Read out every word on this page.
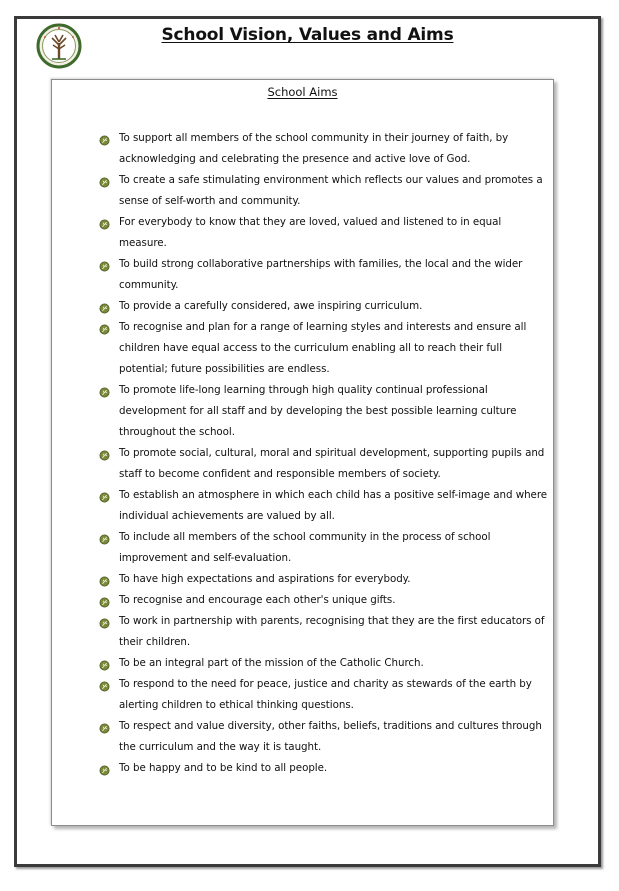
School Vision, Values and Aims
School Aims
To support all members of the school community in their journey of faith, by acknowledging and celebrating the presence and active love of God.
To create a safe stimulating environment which reflects our values and promotes a sense of self-worth and community.
For everybody to know that they are loved, valued and listened to in equal measure.
To build strong collaborative partnerships with families, the local and the wider community.
To provide a carefully considered, awe inspiring curriculum.
To recognise and plan for a range of learning styles and interests and ensure all children have equal access to the curriculum enabling all to reach their full potential; future possibilities are endless.
To promote life-long learning through high quality continual professional development for all staff and by developing the best possible learning culture throughout the school.
To promote social, cultural, moral and spiritual development, supporting pupils and staff to become confident and responsible members of society.
To establish an atmosphere in which each child has a positive self-image and where individual achievements are valued by all.
To include all members of the school community in the process of school improvement and self-evaluation.
To have high expectations and aspirations for everybody.
To recognise and encourage each other's unique gifts.
To work in partnership with parents, recognising that they are the first educators of their children.
To be an integral part of the mission of the Catholic Church.
To respond to the need for peace, justice and charity as stewards of the earth by alerting children to ethical thinking questions.
To respect and value diversity, other faiths, beliefs, traditions and cultures through the curriculum and the way it is taught.
To be happy and to be kind to all people.
